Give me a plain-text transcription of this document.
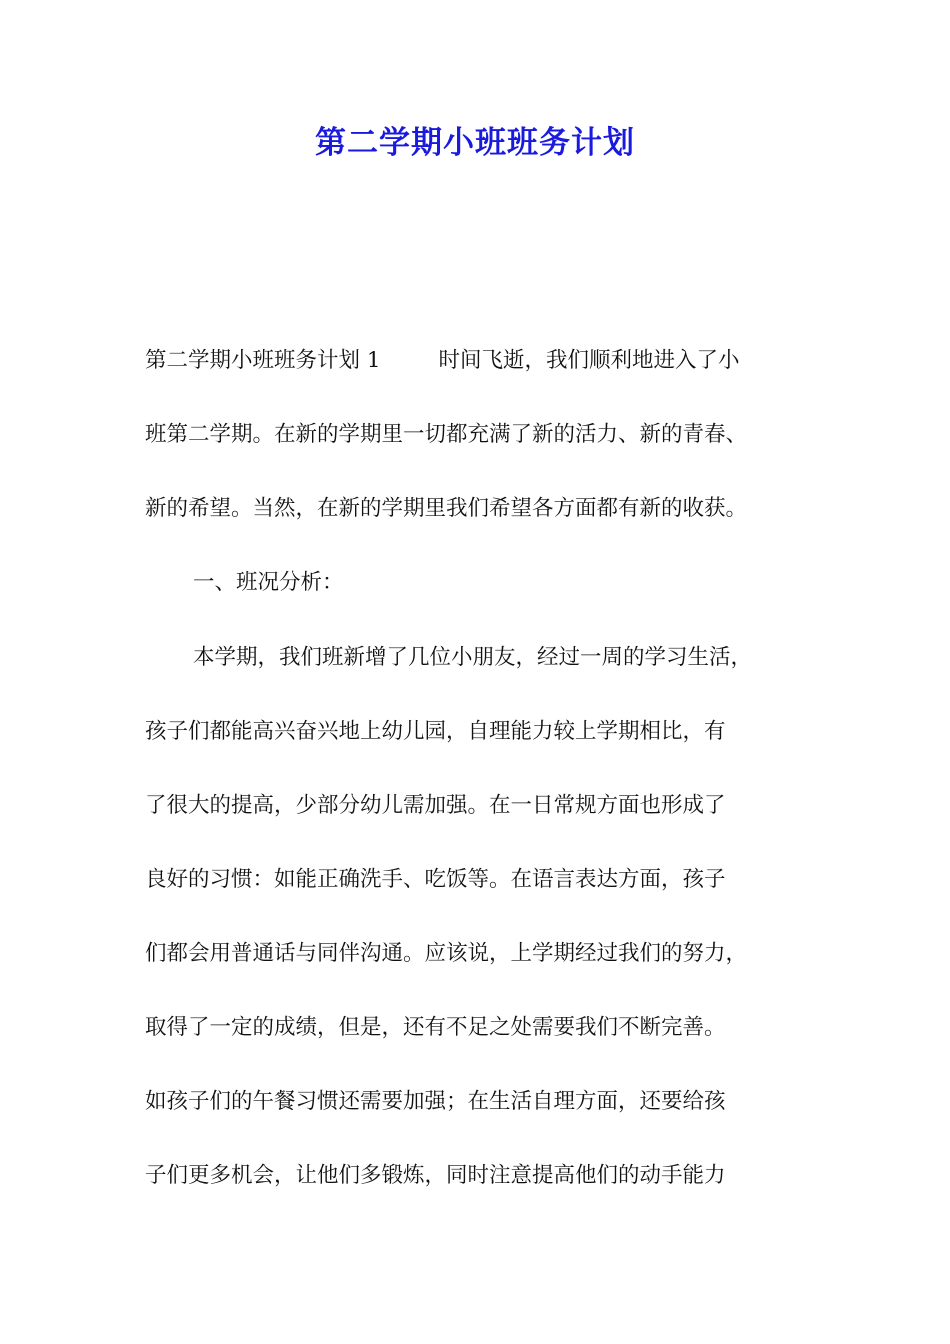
第二学期小班班务计划
第二学期小班班务计划 1	时间飞逝，我们顺利地进入了小
班第二学期。在新的学期里一切都充满了新的活力、新的青春、
新的希望。当然，在新的学期里我们希望各方面都有新的收获。
一、班况分析：
本学期，我们班新增了几位小朋友，经过一周的学习生活，
孩子们都能高兴奋兴地上幼儿园，自理能力较上学期相比，有
了很大的提高，少部分幼儿需加强。在一日常规方面也形成了
良好的习惯：如能正确洗手、吃饭等。在语言表达方面，孩子
们都会用普通话与同伴沟通。应该说，上学期经过我们的努力，
取得了一定的成绩，但是，还有不足之处需要我们不断完善。
如孩子们的午餐习惯还需要加强；在生活自理方面，还要给孩
子们更多机会，让他们多锻炼，同时注意提高他们的动手能力
